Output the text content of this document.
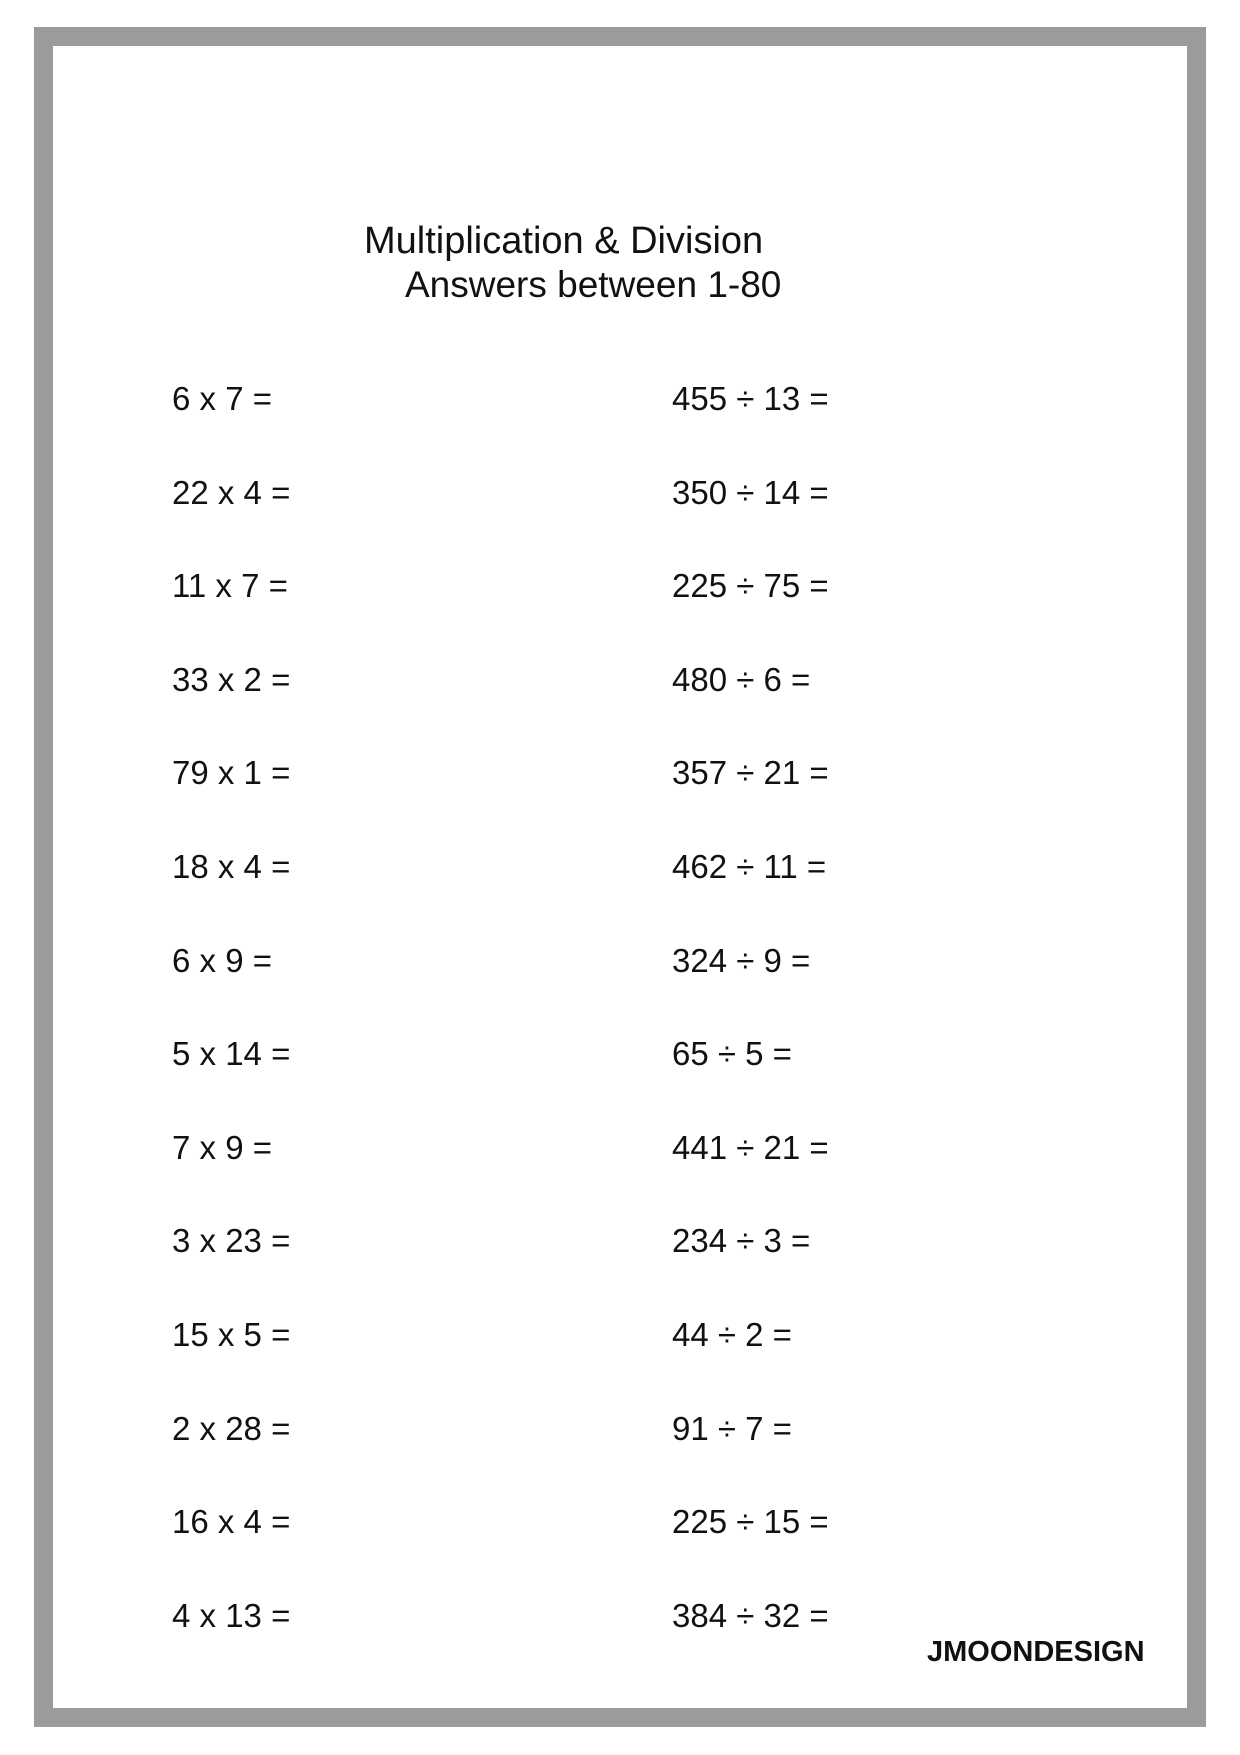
Multiplication & Division
Answers between 1-80
6 x 7 =
22 x 4 =
11 x 7 =
33 x 2 =
79 x 1 =
18 x 4 =
6 x 9 =
5 x 14 =
7 x 9 =
3 x 23 =
15 x 5 =
2 x 28 =
16 x 4 =
4 x 13 =
455 ÷ 13 =
350 ÷ 14 =
225 ÷ 75 =
480 ÷ 6 =
357 ÷ 21 =
462 ÷ 11 =
324 ÷ 9 =
65 ÷ 5 =
441 ÷ 21 =
234 ÷ 3 =
44 ÷ 2 =
91 ÷ 7 =
225 ÷ 15 =
384 ÷ 32 =
JMOONDESIGN
